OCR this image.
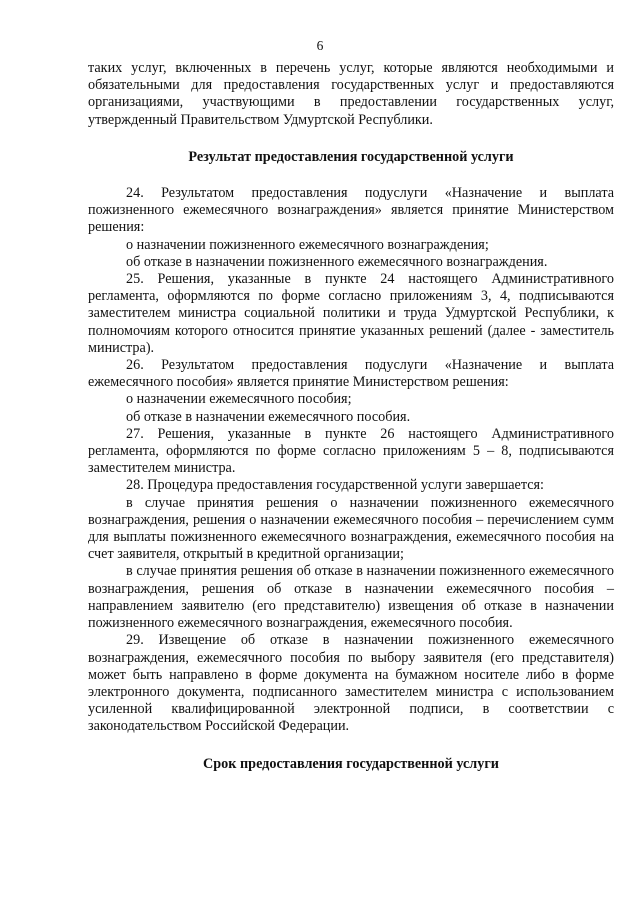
6

таких услуг, включенных в перечень услуг, которые являются необходимыми и обязательными для предоставления государственных услуг и предоставляются организациями, участвующими в предоставлении государственных услуг, утвержденный Правительством Удмуртской Республики.

Результат предоставления государственной услуги

24. Результатом предоставления подуслуги «Назначение и выплата пожизненного ежемесячного вознаграждения» является принятие Министерством решения:

о назначении пожизненного ежемесячного вознаграждения;

об отказе в назначении пожизненного ежемесячного вознаграждения.

25. Решения, указанные в пункте 24 настоящего Административного регламента, оформляются по форме согласно приложениям 3, 4, подписываются заместителем министра социальной политики и труда Удмуртской Республики, к полномочиям которого относится принятие указанных решений (далее - заместитель министра).

26. Результатом предоставления подуслуги «Назначение и выплата ежемесячного пособия» является принятие Министерством решения:

о назначении ежемесячного пособия;

об отказе в назначении ежемесячного пособия.

27. Решения, указанные в пункте 26 настоящего Административного регламента, оформляются по форме согласно приложениям 5 – 8, подписываются заместителем министра.

28. Процедура предоставления государственной услуги завершается:

в случае принятия решения о назначении пожизненного ежемесячного вознаграждения, решения о назначении ежемесячного пособия – перечислением сумм для выплаты пожизненного ежемесячного вознаграждения, ежемесячного пособия на счет заявителя, открытый в кредитной организации;

в случае принятия решения об отказе в назначении пожизненного ежемесячного вознаграждения, решения об отказе в назначении ежемесячного пособия – направлением заявителю (его представителю) извещения об отказе в назначении пожизненного ежемесячного вознаграждения, ежемесячного пособия.

29. Извещение об отказе в назначении пожизненного ежемесячного вознаграждения, ежемесячного пособия по выбору заявителя (его представителя) может быть направлено в форме документа на бумажном носителе либо в форме электронного документа, подписанного заместителем министра с использованием усиленной квалифицированной электронной подписи, в соответствии с законодательством Российской Федерации.

Срок предоставления государственной услуги
